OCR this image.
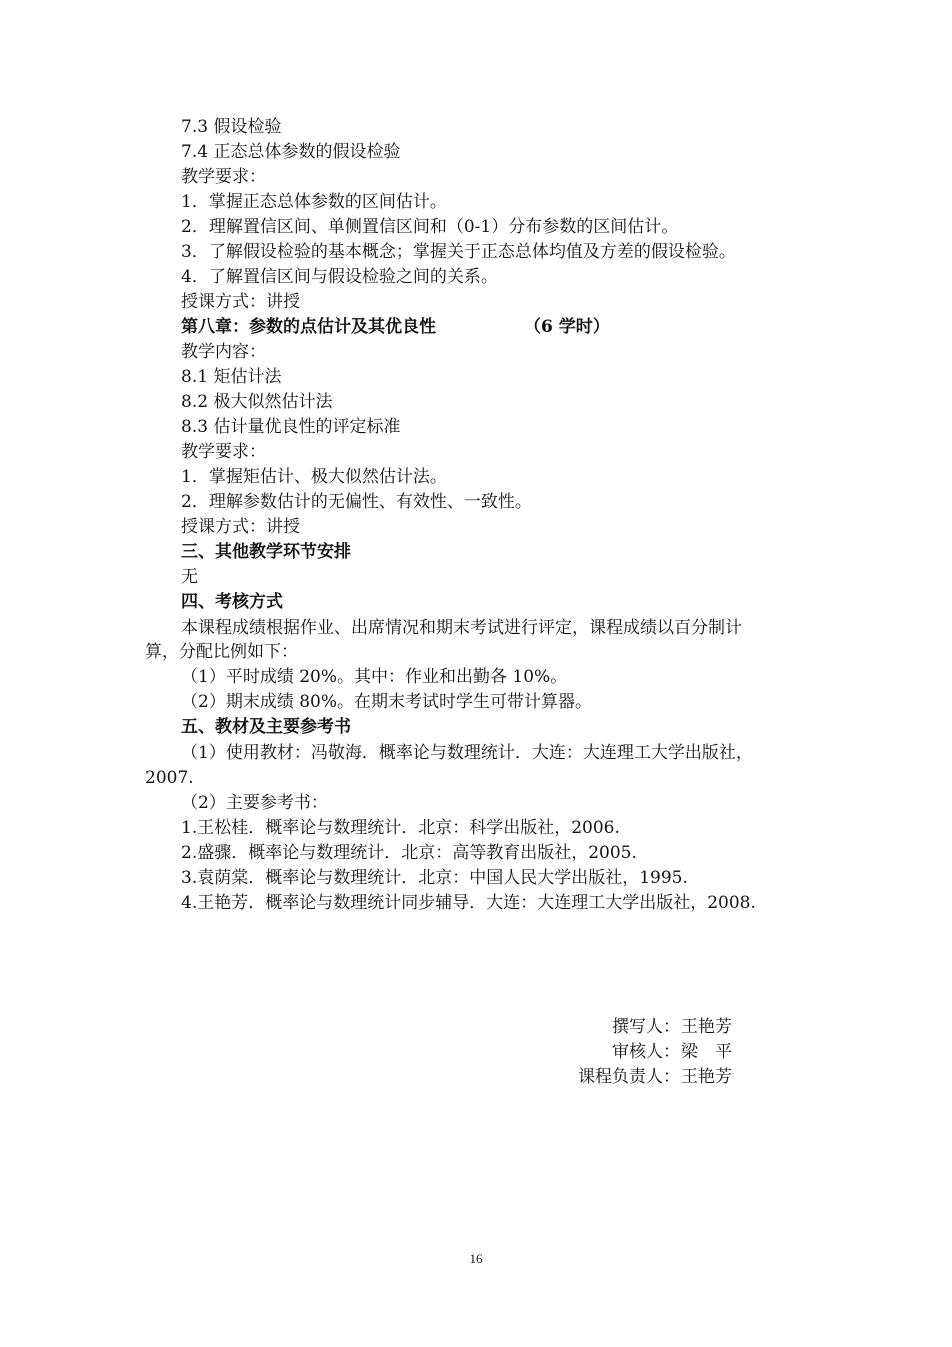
7.3 假设检验
7.4 正态总体参数的假设检验
教学要求：
1．掌握正态总体参数的区间估计。
2．理解置信区间、单侧置信区间和（0-1）分布参数的区间估计。
3．了解假设检验的基本概念；掌握关于正态总体均值及方差的假设检验。
4．了解置信区间与假设检验之间的关系。
授课方式：讲授
第八章：参数的点估计及其优良性	（6 学时）
教学内容：
8.1 矩估计法
8.2 极大似然估计法
8.3 估计量优良性的评定标准
教学要求：
1．掌握矩估计、极大似然估计法。
2．理解参数估计的无偏性、有效性、一致性。
授课方式：讲授
三、其他教学环节安排
无
四、考核方式
本课程成绩根据作业、出席情况和期末考试进行评定，课程成绩以百分制计
算，分配比例如下：
（1）平时成绩 20%。其中：作业和出勤各 10%。
（2）期末成绩 80%。在期末考试时学生可带计算器。
五、教材及主要参考书
（1）使用教材：冯敬海．概率论与数理统计．大连：大连理工大学出版社，
2007.
（2）主要参考书：
1.王松桂．概率论与数理统计．北京：科学出版社，2006.
2.盛骤．概率论与数理统计．北京：高等教育出版社，2005.
3.袁荫棠．概率论与数理统计．北京：中国人民大学出版社，1995.
4.王艳芳．概率论与数理统计同步辅导．大连：大连理工大学出版社，2008.
撰写人： 王艳芳
审核人： 梁　平
课程负责人： 王艳芳
16
